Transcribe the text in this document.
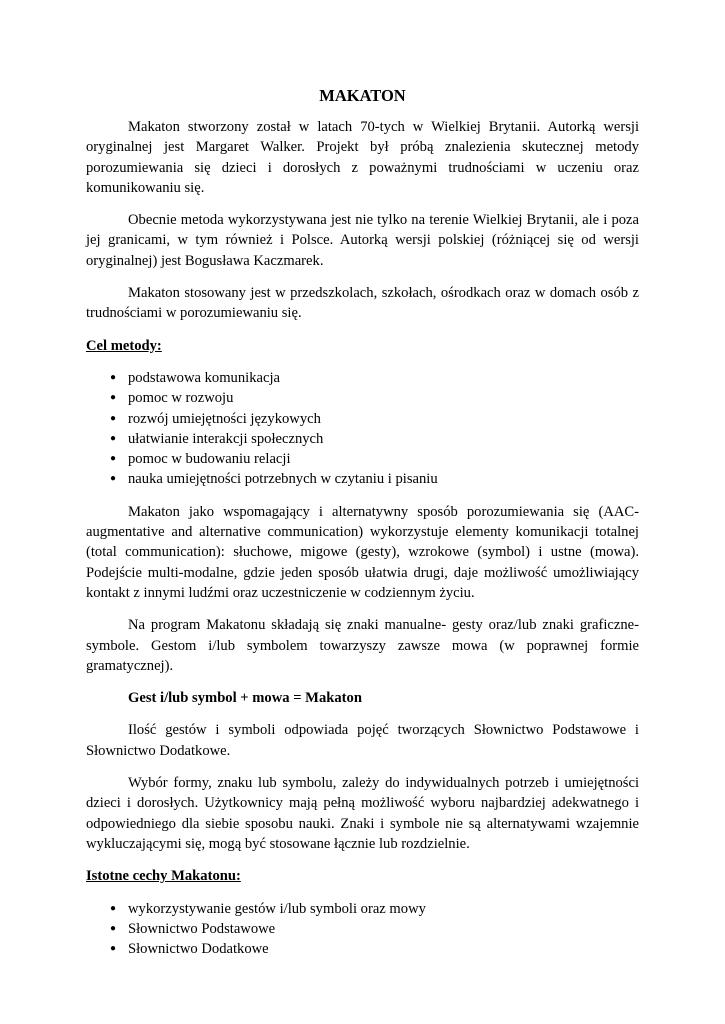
MAKATON

Makaton stworzony został w latach 70-tych w Wielkiej Brytanii. Autorką wersji oryginalnej jest Margaret Walker. Projekt był próbą znalezienia skutecznej metody porozumiewania się dzieci i dorosłych z poważnymi trudnościami w uczeniu oraz komunikowaniu się.

Obecnie metoda wykorzystywana jest nie tylko na terenie Wielkiej Brytanii, ale i poza jej granicami, w tym również i Polsce. Autorką wersji polskiej (różniącej się od wersji oryginalnej) jest Bogusława Kaczmarek.

Makaton stosowany jest w przedszkolach, szkołach, ośrodkach oraz w domach osób z trudnościami w porozumiewaniu się.

Cel metody:
● podstawowa komunikacja
● pomoc w rozwoju
● rozwój umiejętności językowych
● ułatwianie interakcji społecznych
● pomoc w budowaniu relacji
● nauka umiejętności potrzebnych w czytaniu i pisaniu

Makaton jako wspomagający i alternatywny sposób porozumiewania się (AAC- augmentative and alternative communication) wykorzystuje elementy komunikacji totalnej (total communication): słuchowe, migowe (gesty), wzrokowe (symbol) i ustne (mowa). Podejście multi-modalne, gdzie jeden sposób ułatwia drugi, daje możliwość umożliwiający kontakt z innymi ludźmi oraz uczestniczenie w codziennym życiu.

Na program Makatonu składają się znaki manualne- gesty oraz/lub znaki graficzne- symbole. Gestom i/lub symbolem towarzyszy zawsze mowa (w poprawnej formie gramatycznej).

Gest i/lub symbol + mowa = Makaton

Ilość gestów i symboli odpowiada pojęć tworzących Słownictwo Podstawowe i Słownictwo Dodatkowe.

Wybór formy, znaku lub symbolu, zależy do indywidualnych potrzeb i umiejętności dzieci i dorosłych. Użytkownicy mają pełną możliwość wyboru najbardziej adekwatnego i odpowiedniego dla siebie sposobu nauki. Znaki i symbole nie są alternatywami wzajemnie wykluczającymi się, mogą być stosowane łącznie lub rozdzielnie.

Istotne cechy Makatonu:
● wykorzystywanie gestów i/lub symboli oraz mowy
● Słownictwo Podstawowe
● Słownictwo Dodatkowe
